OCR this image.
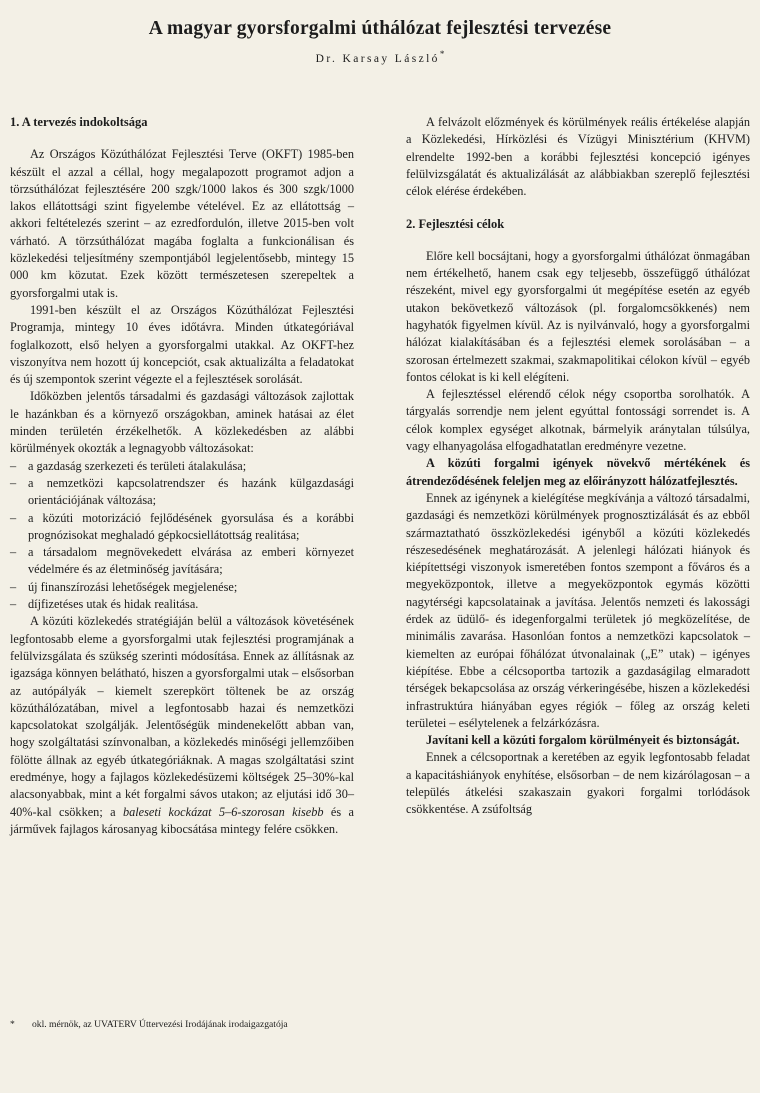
A magyar gyorsforgalmi úthálózat fejlesztési tervezése
Dr. Karsay László*
1. A tervezés indokoltsága

Az Országos Közúthálózat Fejlesztési Terve (OKFT) 1985-ben készült el azzal a céllal, hogy megalapozott programot adjon a törzsúthálózat fejlesztésére 200 szgk/1000 lakos és 300 szgk/1000 lakos ellátottsági szint figyelembe vételével. Ez az ellátottság – akkori feltételezés szerint – az ezredfordulón, illetve 2015-ben volt várható. A törzsúthálózat magába foglalta a funkcionálisan és közlekedési teljesítmény szempontjából legjelentősebb, mintegy 15 000 km közutat. Ezek között természetesen szerepeltek a gyorsforgalmi utak is.

1991-ben készült el az Országos Közúthálózat Fejlesztési Programja, mintegy 10 éves időtávra. Minden útkategóriával foglalkozott, első helyen a gyorsforgalmi utakkal. Az OKFT-hez viszonyítva nem hozott új koncepciót, csak aktualizálta a feladatokat és új szempontok szerint végezte el a fejlesztések sorolását.

Időközben jelentős társadalmi és gazdasági változások zajlottak le hazánkban és a környező országokban, aminek hatásai az élet minden területén érzékelhetők. A közlekedésben az alábbi körülmények okozták a legnagyobb változásokat:

– a gazdaság szerkezeti és területi átalakulása;
– a nemzetközi kapcsolatrendszer és hazánk külgazdasági orientációjának változása;
– a közúti motorizáció fejlődésének gyorsulása és a korábbi prognózisokat meghaladó gépkocsiellátottság realitása;
– a társadalom megnövekedett elvárása az emberi környezet védelmére és az életminőség javítására;
– új finanszírozási lehetőségek megjelenése;
– díjfizetéses utak és hidak realitása.

A közúti közlekedés stratégiáján belül a változások követésének legfontosabb eleme a gyorsforgalmi utak fejlesztési programjának a felülvizsgálata és szükség szerinti módosítása. Ennek az állításnak az igazsága könnyen belátható, hiszen a gyorsforgalmi utak – elsősorban az autópályák – kiemelt szerepkört töltenek be az ország közúthálózatában, mivel a legfontosabb hazai és nemzetközi kapcsolatokat szolgálják. Jelentőségük mindenekelőtt abban van, hogy szolgáltatási színvonalban, a közlekedés minőségi jellemzőiben fölötte állnak az egyéb útkategóriáknak. A magas szolgáltatási szint eredménye, hogy a fajlagos közlekedésüzemi költségek 25–30%-kal alacsonyabbak, mint a két forgalmi sávos utakon; az eljutási idő 30–40%-kal csökken; a baleseti kockázat 5–6-szorosan kisebb és a járművek fajlagos károsanyag kibocsátása mintegy felére csökken.

A felvázolt előzmények és körülmények reális értékelése alapján a Közlekedési, Hírközlési és Vízügyi Minisztérium (KHVM) elrendelte 1992-ben a korábbi fejlesztési koncepció igényes felülvizsgálatát és aktualizálását az alábbiakban szereplő fejlesztési célok elérése érdekében.

2. Fejlesztési célok

Előre kell bocsájtani, hogy a gyorsforgalmi úthálózat önmagában nem értékelhető, hanem csak egy teljesebb, összefüggő úthálózat részeként, mivel egy gyorsforgalmi út megépítése esetén az egyéb utakon bekövetkező változások (pl. forgalomcsökkenés) nem hagyhatók figyelmen kívül. Az is nyilvánvaló, hogy a gyorsforgalmi hálózat kialakításában és a fejlesztési elemek sorolásában – a szorosan értelmezett szakmai, szakmapolitikai célokon kívül – egyéb fontos célokat is ki kell elégíteni.

A fejlesztéssel elérendő célok négy csoportba sorolhatók. A tárgyalás sorrendje nem jelent egyúttal fontossági sorrendet is. A célok komplex egységet alkotnak, bármelyik aránytalan túlsúlya, vagy elhanyagolása elfogadhatatlan eredményre vezetne.

A közúti forgalmi igények növekvő mértékének és átrendeződésének feleljen meg az előirányzott hálózatfejlesztés.

Ennek az igénynek a kielégítése megkívánja a változó társadalmi, gazdasági és nemzetközi körülmények prognosztizálását és az ebből származtatható összközlekedési igényből a közúti közlekedés részesedésének meghatározását. A jelenlegi hálózati hiányok és kiépítettségi viszonyok ismeretében fontos szempont a főváros és a megyeközpontok, illetve a megyeközpontok egymás közötti nagytérségi kapcsolatainak a javítása. Jelentős nemzeti és lakossági érdek az üdülő- és idegenforgalmi területek jó megközelítése, de minimális zavarása. Hasonlóan fontos a nemzetközi kapcsolatok – kiemelten az európai főhálózat útvonalainak („E” utak) – igényes kiépítése. Ebbe a célcsoportba tartozik a gazdaságilag elmaradott térségek bekapcsolása az ország vérkeringésébe, hiszen a közlekedési infrastruktúra hiányában egyes régiók – főleg az ország keleti területei – esélytelenek a felzárkózásra.

Javítani kell a közúti forgalom körülményeit és biztonságát.

Ennek a célcsoportnak a keretében az egyik legfontosabb feladat a kapacitáshiányok enyhítése, elsősorban – de nem kizárólagosan – a település átkelési szakaszain gyakori forgalmi torlódások csökkentése. A zsúfoltság

* okl. mérnök, az UVATERV Úttervezési Irodájának irodaigazgatója
